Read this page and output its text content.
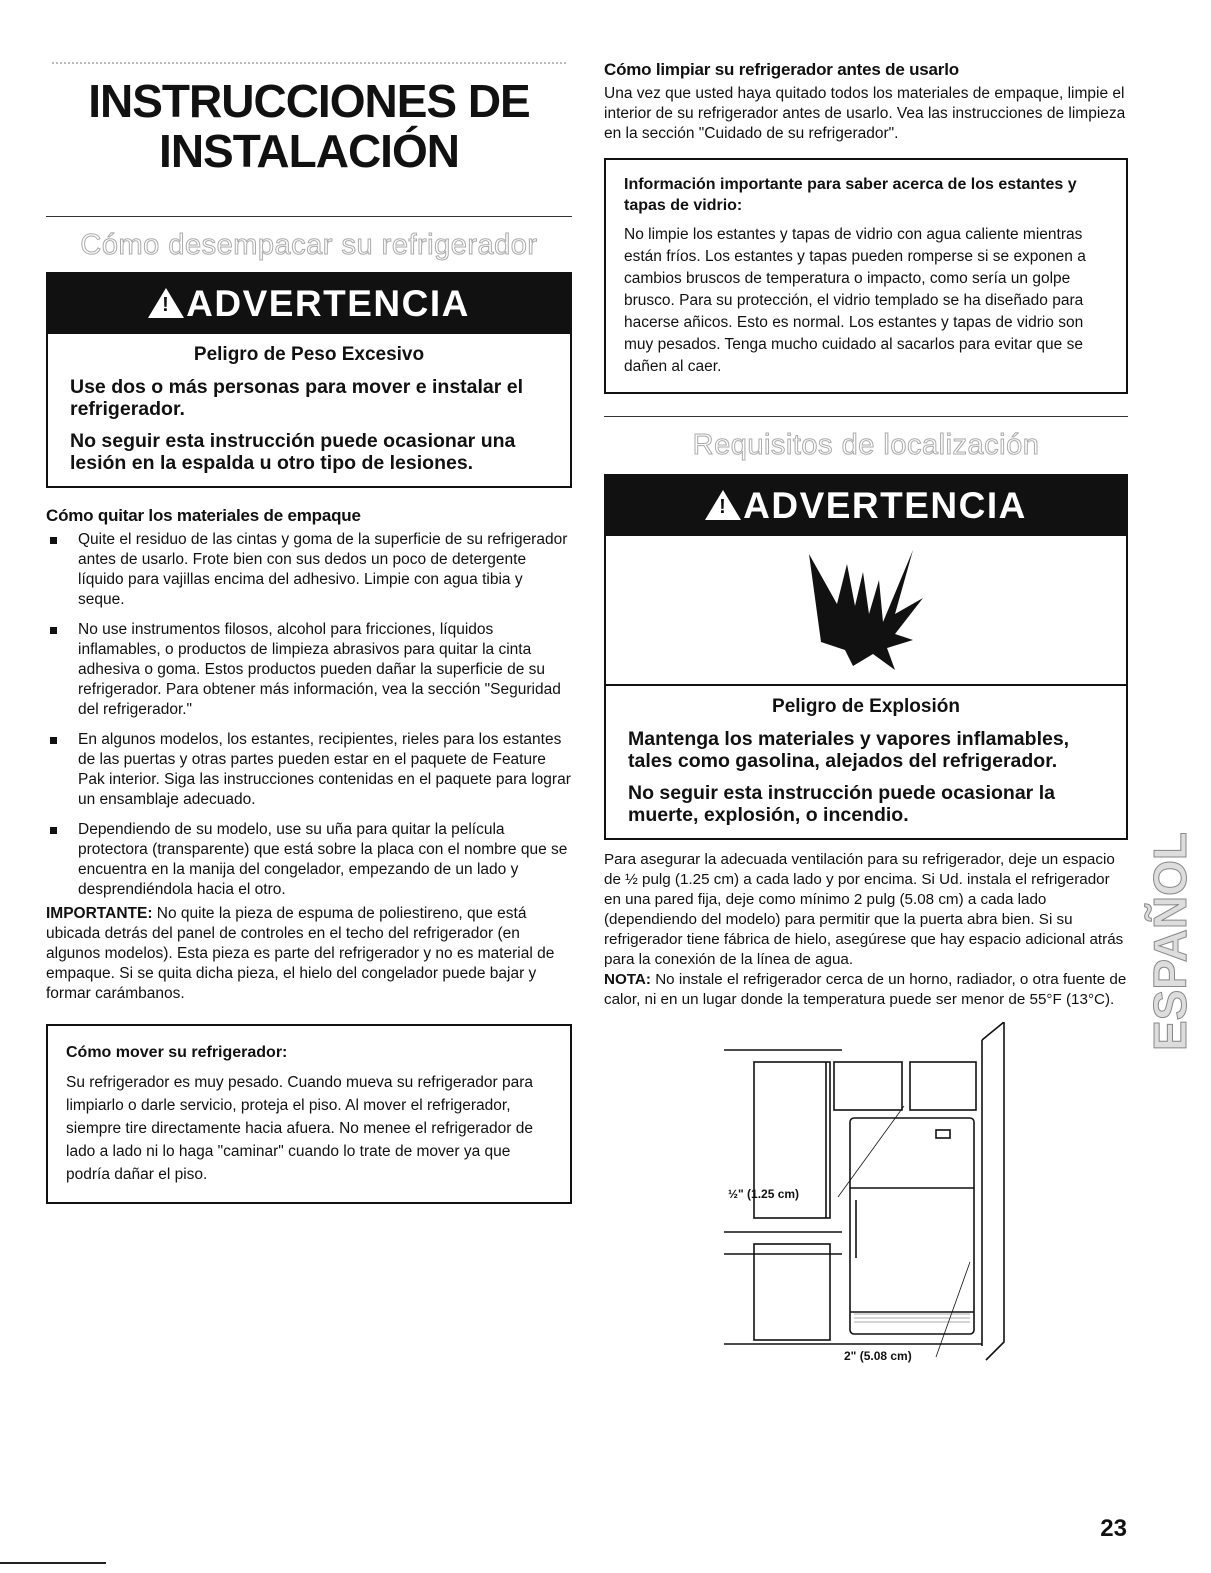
INSTRUCCIONES DE
INSTALACIÓN
Cómo desempacar su refrigerador
!ADVERTENCIA
Peligro de Peso Excesivo
Use dos o más personas para mover e instalar el refrigerador.
No seguir esta instrucción puede ocasionar una lesión en la espalda u otro tipo de lesiones.
Cómo quitar los materiales de empaque
Quite el residuo de las cintas y goma de la superficie de su refrigerador antes de usarlo. Frote bien con sus dedos un poco de detergente líquido para vajillas encima del adhesivo. Limpie con agua tibia y seque.
No use instrumentos filosos, alcohol para fricciones, líquidos inflamables, o productos de limpieza abrasivos para quitar la cinta adhesiva o goma. Estos productos pueden dañar la superficie de su refrigerador. Para obtener más información, vea la sección "Seguridad del refrigerador."
En algunos modelos, los estantes, recipientes, rieles para los estantes de las puertas y otras partes pueden estar en el paquete de Feature Pak interior. Siga las instrucciones contenidas en el paquete para lograr un ensamblaje adecuado.
Dependiendo de su modelo, use su uña para quitar la película protectora (transparente) que está sobre la placa con el nombre que se encuentra en la manija del congelador, empezando de un lado y desprendiéndola hacia el otro.

IMPORTANTE: No quite la pieza de espuma de poliestireno, que está ubicada detrás del panel de controles en el techo del refrigerador (en algunos modelos). Esta pieza es parte del refrigerador y no es material de empaque. Si se quita dicha pieza, el hielo del congelador puede bajar y formar carámbanos.

Cómo mover su refrigerador:

Su refrigerador es muy pesado. Cuando mueva su refrigerador para limpiarlo o darle servicio, proteja el piso. Al mover el refrigerador, siempre tire directamente hacia afuera. No menee el refrigerador de lado a lado ni lo haga "caminar" cuando lo trate de mover ya que podría dañar el piso.

Cómo limpiar su refrigerador antes de usarlo

Una vez que usted haya quitado todos los materiales de empaque, limpie el interior de su refrigerador antes de usarlo. Vea las instrucciones de limpieza en la sección "Cuidado de su refrigerador".

Información importante para saber acerca de los estantes y tapas de vidrio:

No limpie los estantes y tapas de vidrio con agua caliente mientras están fríos. Los estantes y tapas pueden romperse si se exponen a cambios bruscos de temperatura o impacto, como sería un golpe brusco. Para su protección, el vidrio templado se ha diseñado para hacerse añicos. Esto es normal. Los estantes y tapas de vidrio son muy pesados. Tenga mucho cuidado al sacarlos para evitar que se dañen al caer.

Requisitos de localización
!ADVERTENCIA
Peligro de Explosión
Mantenga los materiales y vapores inflamables, tales como gasolina, alejados del refrigerador.
No seguir esta instrucción puede ocasionar la muerte, explosión, o incendio.

Para asegurar la adecuada ventilación para su refrigerador, deje un espacio de ½ pulg (1.25 cm) a cada lado y por encima. Si Ud. instala el refrigerador en una pared fija, deje como mínimo 2 pulg (5.08 cm) a cada lado (dependiendo del modelo) para permitir que la puerta abra bien. Si su refrigerador tiene fábrica de hielo, asegúrese que hay espacio adicional atrás para la conexión de la línea de agua.

NOTA: No instale el refrigerador cerca de un horno, radiador, o otra fuente de calor, ni en un lugar donde la temperatura puede ser menor de 55°F (13°C).

½" (1.25 cm)
2" (5.08 cm)
ESPAÑOL
23
